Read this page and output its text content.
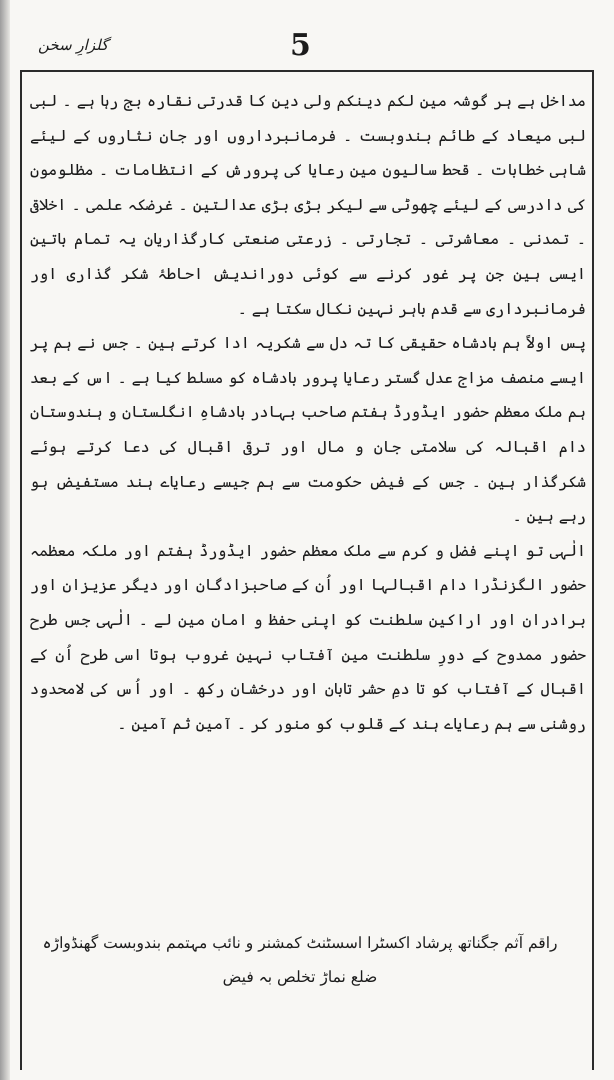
گلزارِ سخن	5

مداخل ہے ہر گوشہ مین لکم دینکم ولی دین کا قدرتی نقارہ بج رہا ہے ۔ لبی لبی میعاد کے طائم بندوبست ۔ فرمانبرداروں اور جان نثاروں کے لیئے شاہی خطابات ۔ قحط سالیون مین رعایا کی پرورش کے انتظامات ۔ مظلومون کی دادرسی کے لیئے چھوٹی سے لیکر بڑی بڑی عدالتین ۔ غرضکہ علمی ۔ اخلاقی ۔ تمدنی ۔ معاشرتی ۔ تجارتی ۔ زرعتی صنعتی کارگذاریان یہ تمام باتین ایسی ہین جن پر غور کرنے سے کوئی دوراندیش احاطۂ شکر گذاری اور فرمانبرداری سے قدم باہر نہین نکال سکتا ہے ۔

پس اولاً ہم بادشاہ حقیقی کا تہ دل سے شکریہ ادا کرتے ہین ۔ جس نے ہم پر ایسے منصف مزاج عدل گستر رعایا پرور بادشاہ کو مسلط کیا ہے ۔ اس کے بعد ہم ملک معظم حضور ایڈورڈ ہفتم صاحب بہادر بادشاہِ انگلستان و ہندوستان دام اقبالہ کی سلامتی جان و مال اور ترقی اقبال کی دعا کرتے ہوئے شکرگذار ہین ۔ جس کے فیض حکومت سے ہم جیسے رعایاے ہند مستفیض ہو رہے ہین ۔

الٰہی تو اپنے فضل و کرم سے ملک معظم حضور ایڈورڈ ہفتم اور ملکہ معظمہ حضور الگزنڈرا دام اقبالہا اور اُن کے صاحبزادگان اور دیگر عزیزان اور برادران اور اراکین سلطنت کو اپنی حفظ و امان مین لے ۔ الٰہی جس طرح حضور ممدوح کے دورِ سلطنت مین آفتاب نہین غروب ہوتا اسی طرح اُن کے اقبال کے آفتاب کو تا دمِ حشر تابان اور درخشان رکھ ۔ اور اُس کی لامحدود روشنی سے ہم رعایاے ہند کے قلوب کو منور کر ۔ آمین ثم آمین ۔

راقم آثم جگناتھ پرشاد اکسٹرا اسسٹنٹ کمشنر و نائب مہتمم بندوبست گھنڈواڑہ
ضلع نماڑ تخلص بہ فیض
